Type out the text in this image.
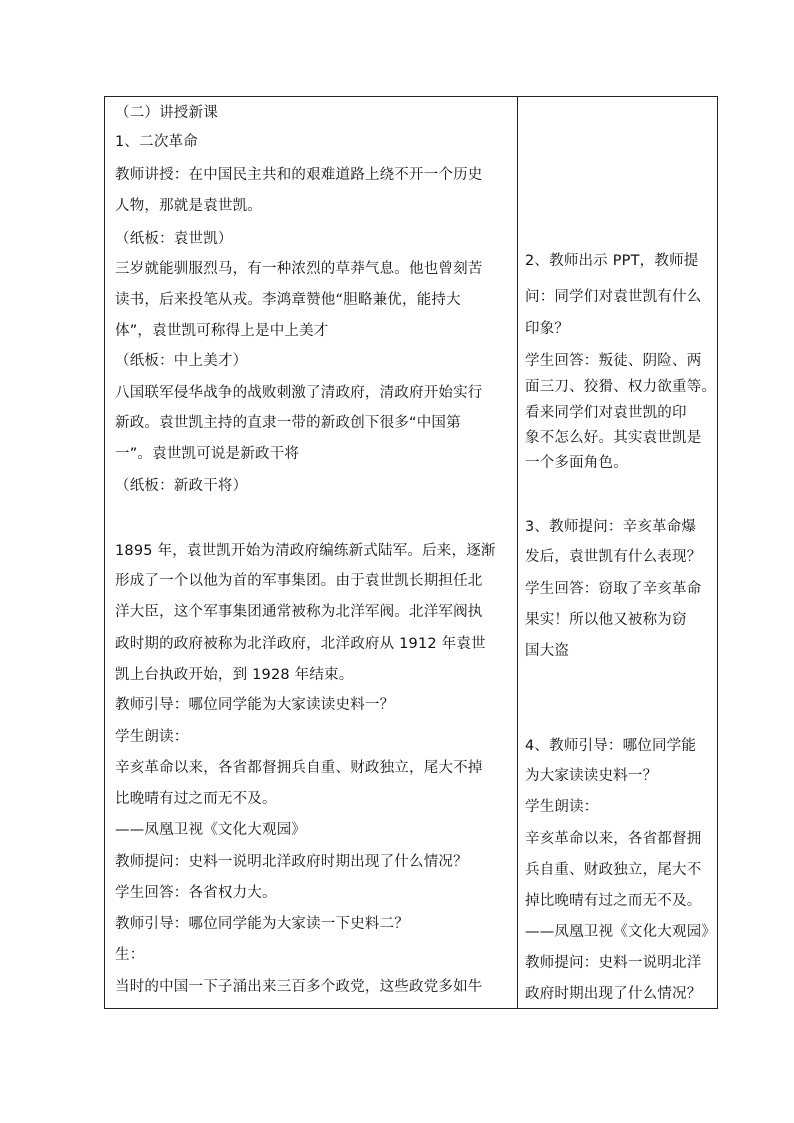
（二）讲授新课
1、二次革命
教师讲授：在中国民主共和的艰难道路上绕不开一个历史
人物，那就是袁世凯。
（纸板：袁世凯）
三岁就能驯服烈马，有一种浓烈的草莽气息。他也曾刻苦
读书，后来投笔从戎。李鸿章赞他“胆略兼优，能持大
体”，袁世凯可称得上是中上美才
（纸板：中上美才）
八国联军侵华战争的战败刺激了清政府，清政府开始实行
新政。袁世凯主持的直隶一带的新政创下很多“中国第
一”。袁世凯可说是新政干将
（纸板：新政干将）
1895 年，袁世凯开始为清政府编练新式陆军。后来，逐渐
形成了一个以他为首的军事集团。由于袁世凯长期担任北
洋大臣，这个军事集团通常被称为北洋军阀。北洋军阀执
政时期的政府被称为北洋政府，北洋政府从 1912 年袁世
凯上台执政开始，到 1928 年结束。
教师引导：哪位同学能为大家读读史料一？
学生朗读：
辛亥革命以来，各省都督拥兵自重、财政独立，尾大不掉
比晚晴有过之而无不及。
——凤凰卫视《文化大观园》
教师提问：史料一说明北洋政府时期出现了什么情况？
学生回答：各省权力大。
教师引导：哪位同学能为大家读一下史料二？
生：
当时的中国一下子涌出来三百多个政党，这些政党多如牛
2、教师出示 PPT，教师提
问：同学们对袁世凯有什么
印象？
学生回答：叛徒、阴险、两
面三刀、狡猾、权力欲重等。
看来同学们对袁世凯的印
象不怎么好。其实袁世凯是
一个多面角色。
3、教师提问：辛亥革命爆
发后，袁世凯有什么表现？
学生回答：窃取了辛亥革命
果实！所以他又被称为窃
国大盗
4、教师引导：哪位同学能
为大家读读史料一？
学生朗读：
辛亥革命以来，各省都督拥
兵自重、财政独立，尾大不
掉比晚晴有过之而无不及。
——凤凰卫视《文化大观园》
教师提问：史料一说明北洋
政府时期出现了什么情况？
